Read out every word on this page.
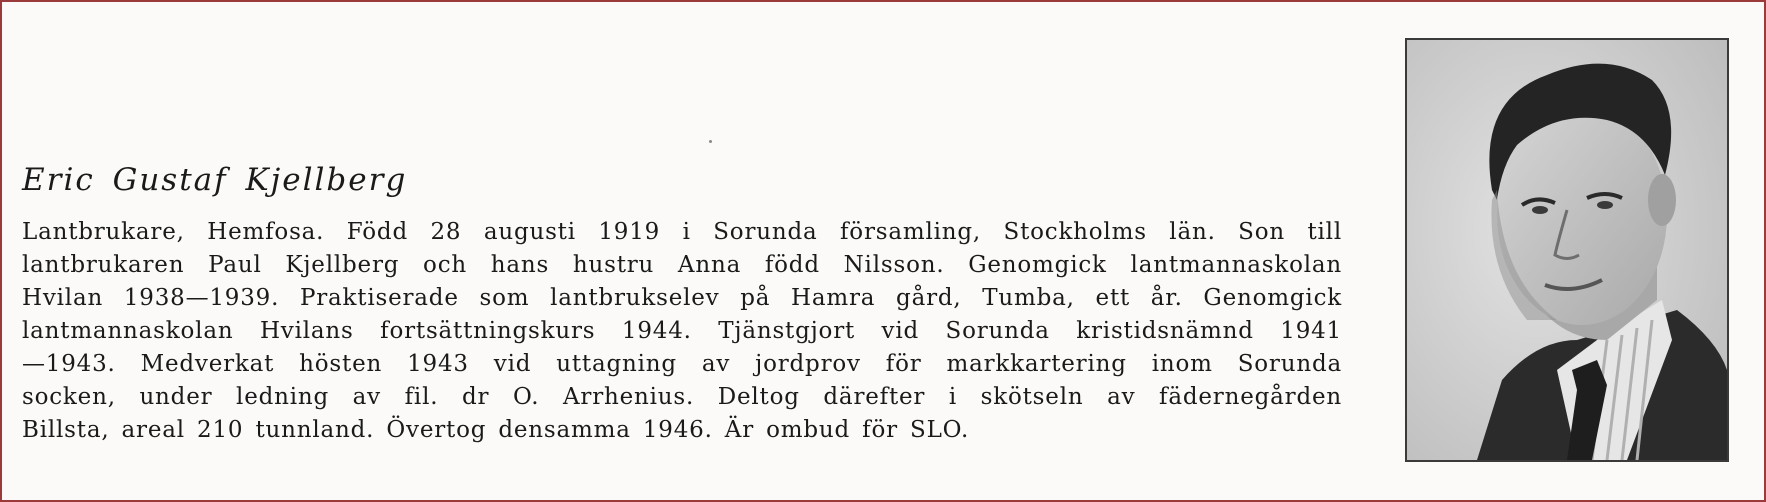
Eric Gustaf Kjellberg
Lantbrukare, Hemfosa. Född 28 augusti 1919 i Sorunda församling, Stockholms län. Son till
lantbrukaren Paul Kjellberg och hans hustru Anna född Nilsson. Genomgick lantmannaskolan
Hvilan 1938—1939. Praktiserade som lantbrukselev på Hamra gård, Tumba, ett år. Genomgick
lantmannaskolan Hvilans fortsättningskurs 1944. Tjänstgjort vid Sorunda kristidsnämnd 1941
—1943. Medverkat hösten 1943 vid uttagning av jordprov för markkartering inom Sorunda
socken, under ledning av fil. dr O. Arrhenius. Deltog därefter i skötseln av fädernegården
Billsta, areal 210 tunnland. Övertog densamma 1946. Är ombud för SLO.
